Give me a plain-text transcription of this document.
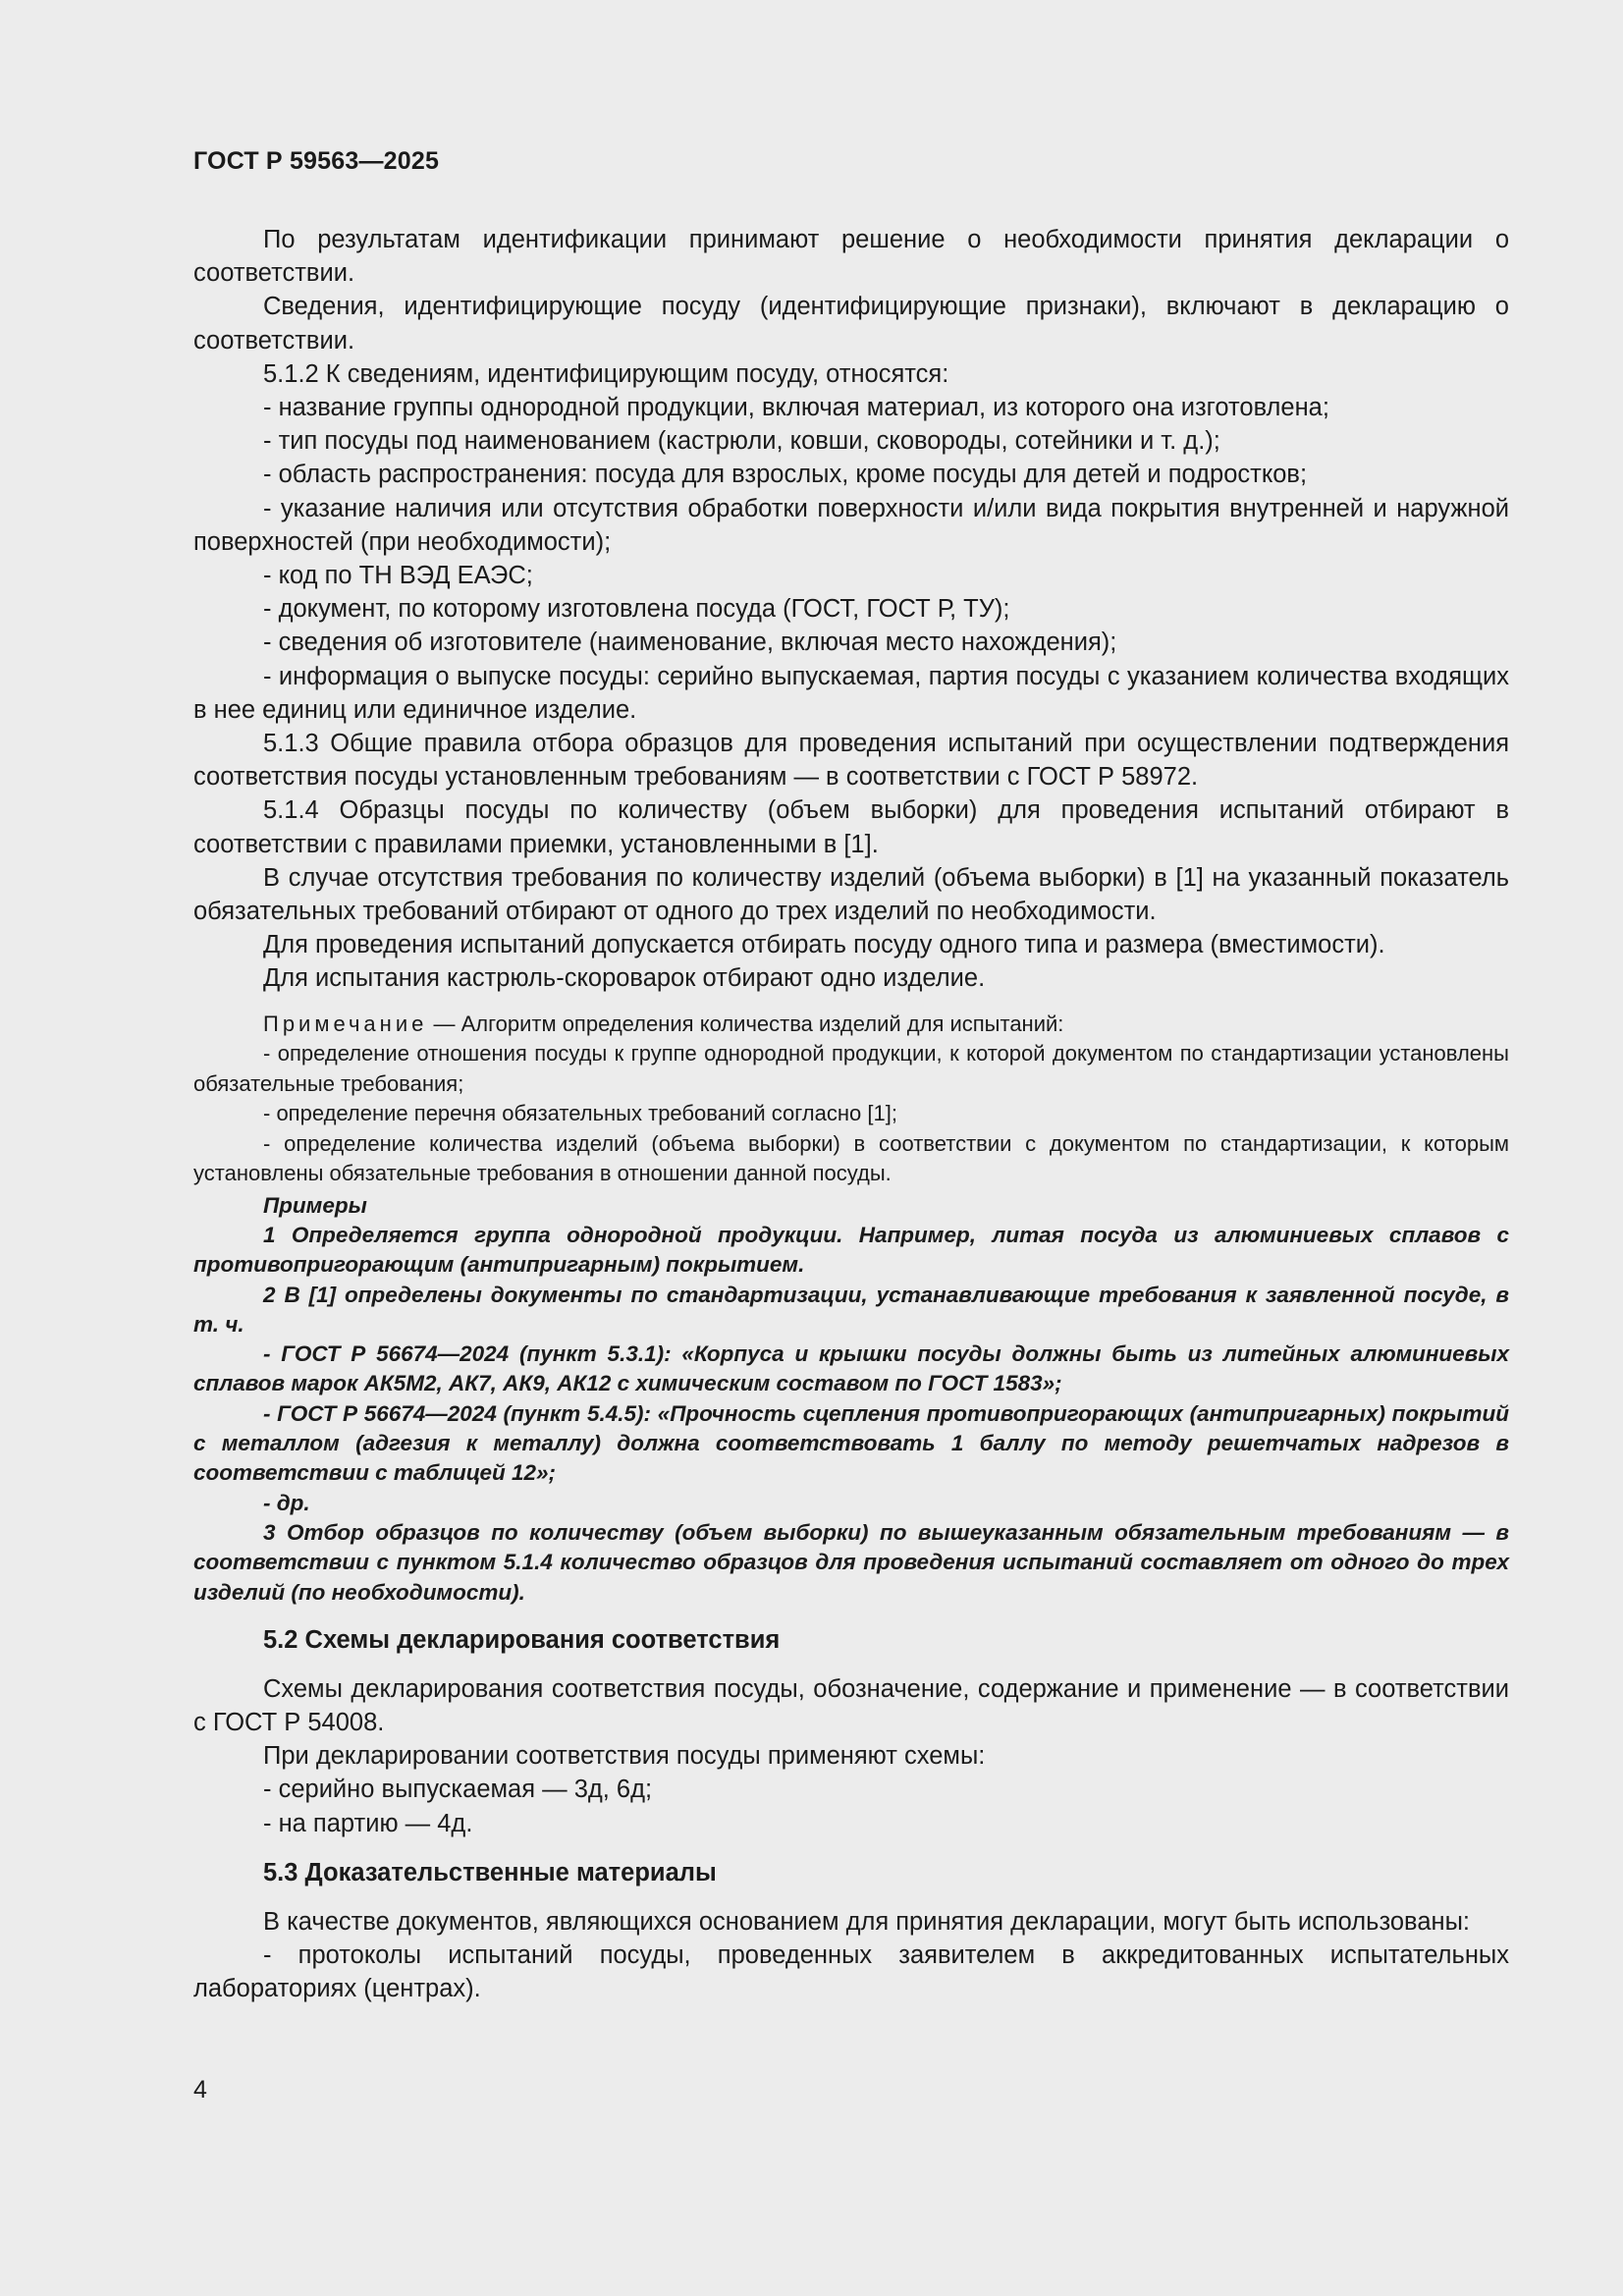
ГОСТ Р 59563—2025

По результатам идентификации принимают решение о необходимости принятия декларации о соответствии.

Сведения, идентифицирующие посуду (идентифицирующие признаки), включают в декларацию о соответствии.

5.1.2 К сведениям, идентифицирующим посуду, относятся:

- название группы однородной продукции, включая материал, из которого она изготовлена;

- тип посуды под наименованием (кастрюли, ковши, сковороды, сотейники и т. д.);

- область распространения: посуда для взрослых, кроме посуды для детей и подростков;

- указание наличия или отсутствия обработки поверхности и/или вида покрытия внутренней и наружной поверхностей (при необходимости);

- код по ТН ВЭД ЕАЭС;

- документ, по которому изготовлена посуда (ГОСТ, ГОСТ Р, ТУ);

- сведения об изготовителе (наименование, включая место нахождения);

- информация о выпуске посуды: серийно выпускаемая, партия посуды с указанием количества входящих в нее единиц или единичное изделие.

5.1.3 Общие правила отбора образцов для проведения испытаний при осуществлении подтверждения соответствия посуды установленным требованиям — в соответствии с ГОСТ Р 58972.

5.1.4 Образцы посуды по количеству (объем выборки) для проведения испытаний отбирают в соответствии с правилами приемки, установленными в [1].

В случае отсутствия требования по количеству изделий (объема выборки) в [1] на указанный показатель обязательных требований отбирают от одного до трех изделий по необходимости.

Для проведения испытаний допускается отбирать посуду одного типа и размера (вместимости).

Для испытания кастрюль-скороварок отбирают одно изделие.

Примечание — Алгоритм определения количества изделий для испытаний:

- определение отношения посуды к группе однородной продукции, к которой документом по стандартизации установлены обязательные требования;

- определение перечня обязательных требований согласно [1];

- определение количества изделий (объема выборки) в соответствии с документом по стандартизации, к которым установлены обязательные требования в отношении данной посуды.

Примеры

1 Определяется группа однородной продукции. Например, литая посуда из алюминиевых сплавов с противопригорающим (антипригарным) покрытием.

2 В [1] определены документы по стандартизации, устанавливающие требования к заявленной посуде, в т. ч.

- ГОСТ Р 56674—2024 (пункт 5.3.1): «Корпуса и крышки посуды должны быть из литейных алюминиевых сплавов марок АК5М2, АК7, АК9, АК12 с химическим составом по ГОСТ 1583»;

- ГОСТ Р 56674—2024 (пункт 5.4.5): «Прочность сцепления противопригорающих (антипригарных) покрытий с металлом (адгезия к металлу) должна соответствовать 1 баллу по методу решетчатых надрезов в соответствии с таблицей 12»;

- др.

3 Отбор образцов по количеству (объем выборки) по вышеуказанным обязательным требованиям — в соответствии с пунктом 5.1.4 количество образцов для проведения испытаний составляет от одного до трех изделий (по необходимости).

5.2 Схемы декларирования соответствия

Схемы декларирования соответствия посуды, обозначение, содержание и применение — в соответствии с ГОСТ Р 54008.

При декларировании соответствия посуды применяют схемы:

- серийно выпускаемая — 3д, 6д;

- на партию — 4д.

5.3 Доказательственные материалы

В качестве документов, являющихся основанием для принятия декларации, могут быть использованы:

- протоколы испытаний посуды, проведенных заявителем в аккредитованных испытательных лабораториях (центрах).

4
